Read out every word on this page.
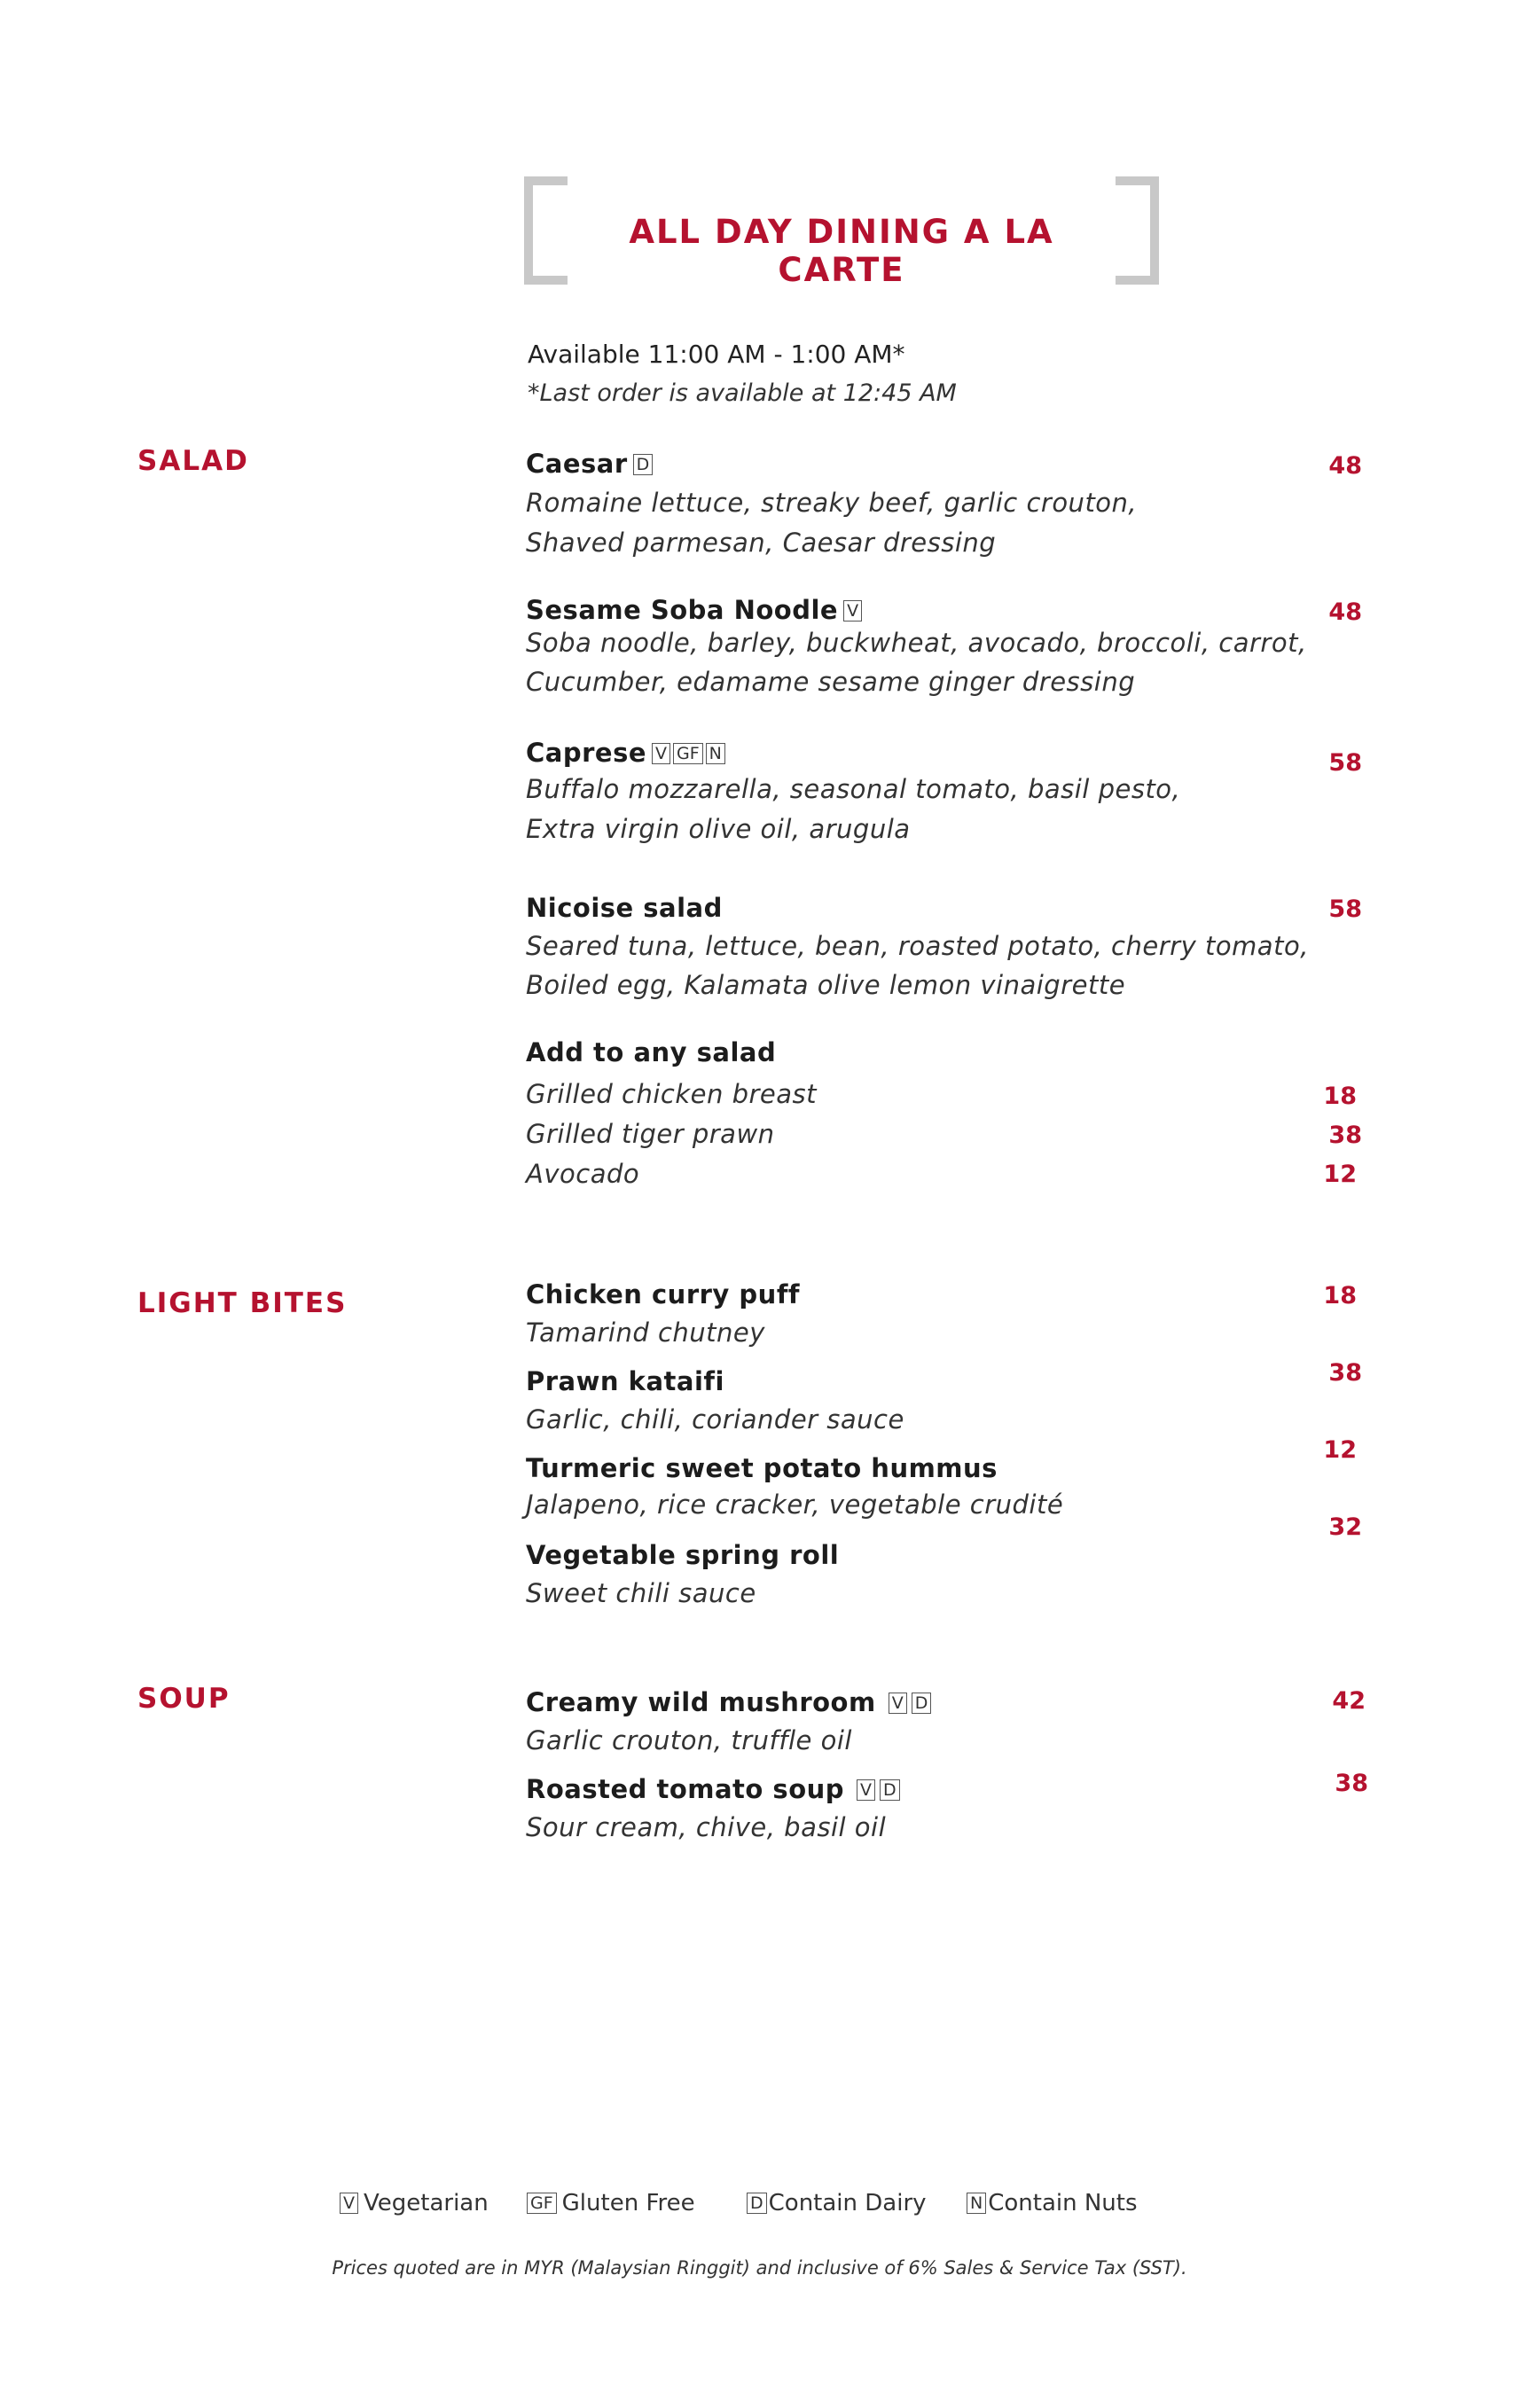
ALL DAY DINING A LA CARTE
Available 11:00 AM - 1:00 AM*
*Last order is available at 12:45 AM
SALAD	Caesar D
Romaine lettuce, streaky beef, garlic crouton,
Shaved parmesan, Caesar dressing
48
Sesame Soba Noodle V
Soba noodle, barley, buckwheat, avocado, broccoli, carrot,
Cucumber, edamame sesame ginger dressing
48
Caprese V GF N
Buffalo mozzarella, seasonal tomato, basil pesto,
Extra virgin olive oil, arugula
58
Nicoise salad
Seared tuna, lettuce, bean, roasted potato, cherry tomato,
Boiled egg, Kalamata olive lemon vinaigrette
58
Add to any salad
Grilled chicken breast	18
Grilled tiger prawn	38
Avocado	12
LIGHT BITES	Chicken curry puff
Tamarind chutney
18
Prawn kataifi
Garlic, chili, coriander sauce
38
Turmeric sweet potato hummus
Jalapeno, rice cracker, vegetable crudité
12
Vegetable spring roll
Sweet chili sauce
32
SOUP	Creamy wild mushroom V D
Garlic crouton, truffle oil
42
Roasted tomato soup V D
Sour cream, chive, basil oil
38
V Vegetarian GF Gluten Free	D Contain Dairy	N Contain Nuts
Prices quoted are in MYR (Malaysian Ringgit) and inclusive of 6% Sales & Service Tax (SST).
